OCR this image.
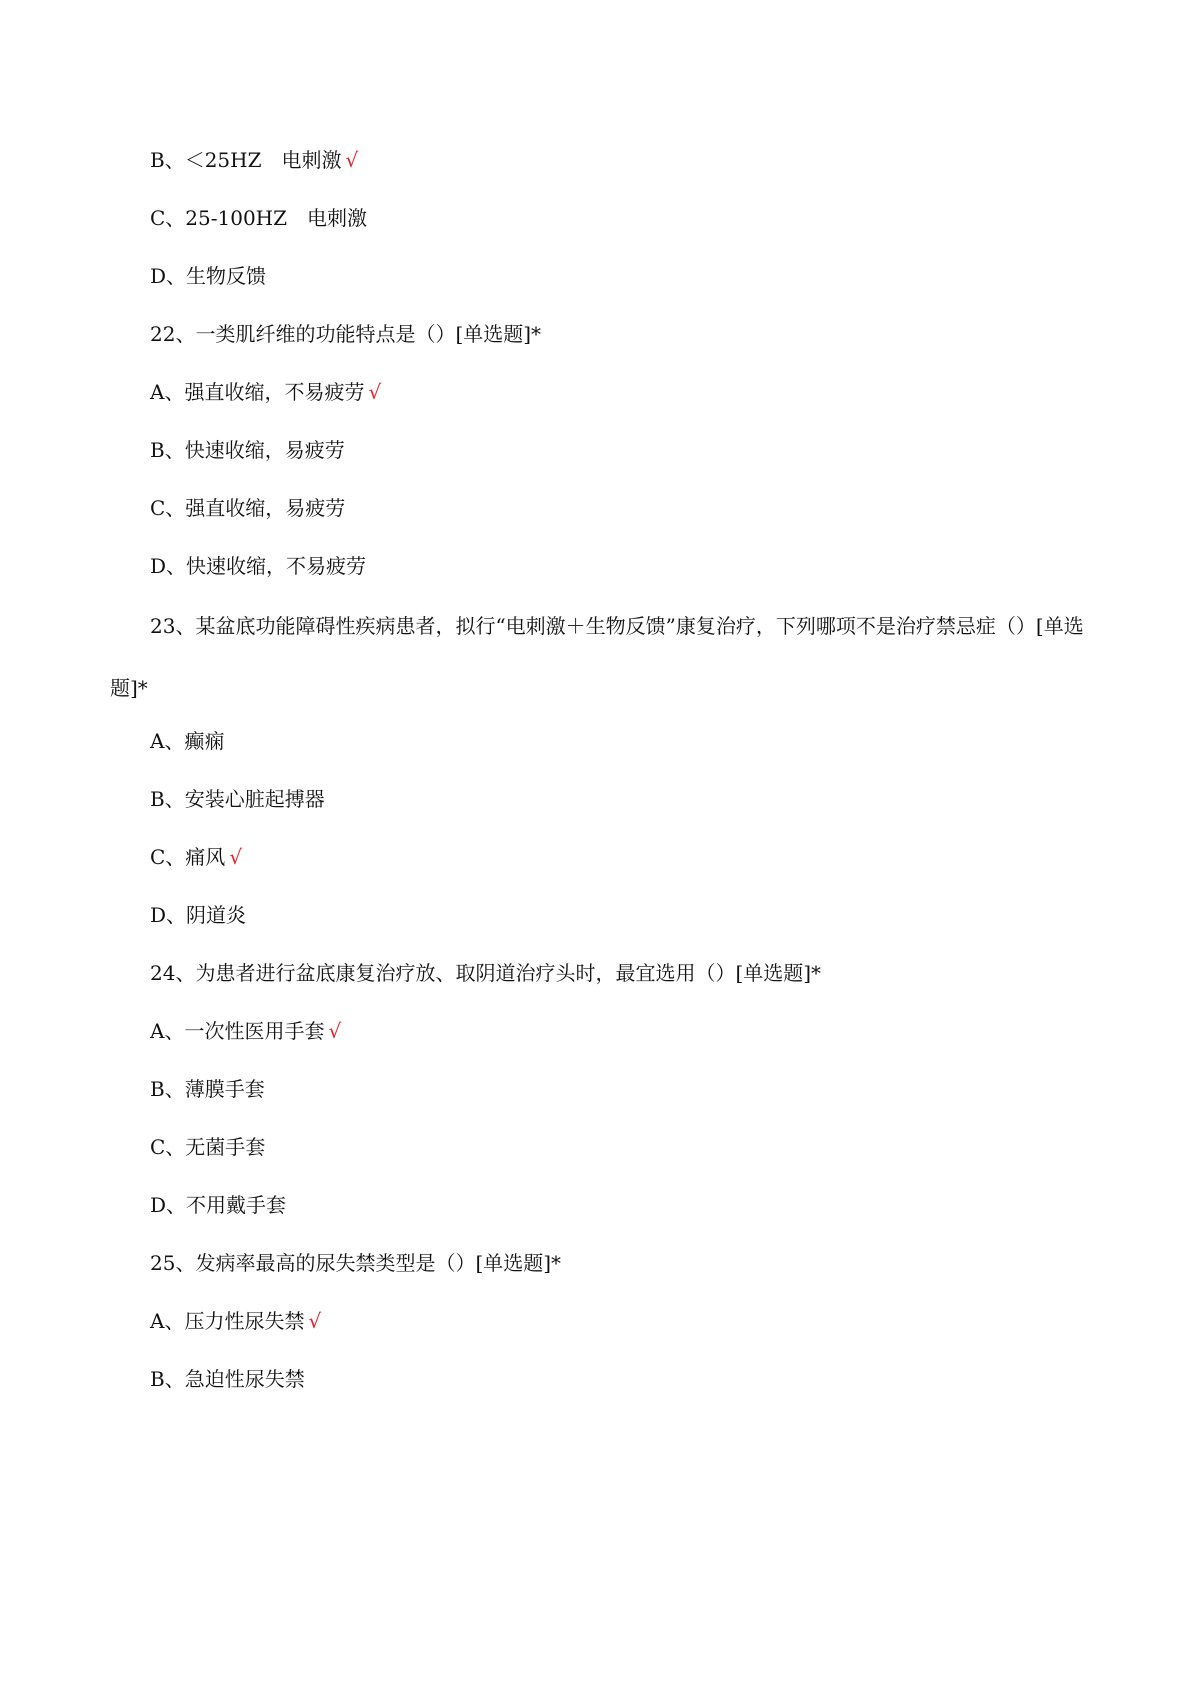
B、＜25HZ　电刺激 √
C、25-100HZ　电刺激
D、生物反馈
22、一类肌纤维的功能特点是（）[单选题]*
A、强直收缩，不易疲劳 √
B、快速收缩，易疲劳
C、强直收缩，易疲劳
D、快速收缩，不易疲劳
23、某盆底功能障碍性疾病患者，拟行“电刺激＋生物反馈”康复治疗，下列哪项不是治疗禁忌症（）[单选题]*
A、癫痫
B、安装心脏起搏器
C、痛风 √
D、阴道炎
24、为患者进行盆底康复治疗放、取阴道治疗头时，最宜选用（）[单选题]*
A、一次性医用手套 √
B、薄膜手套
C、无菌手套
D、不用戴手套
25、发病率最高的尿失禁类型是（）[单选题]*
A、压力性尿失禁 √
B、急迫性尿失禁
